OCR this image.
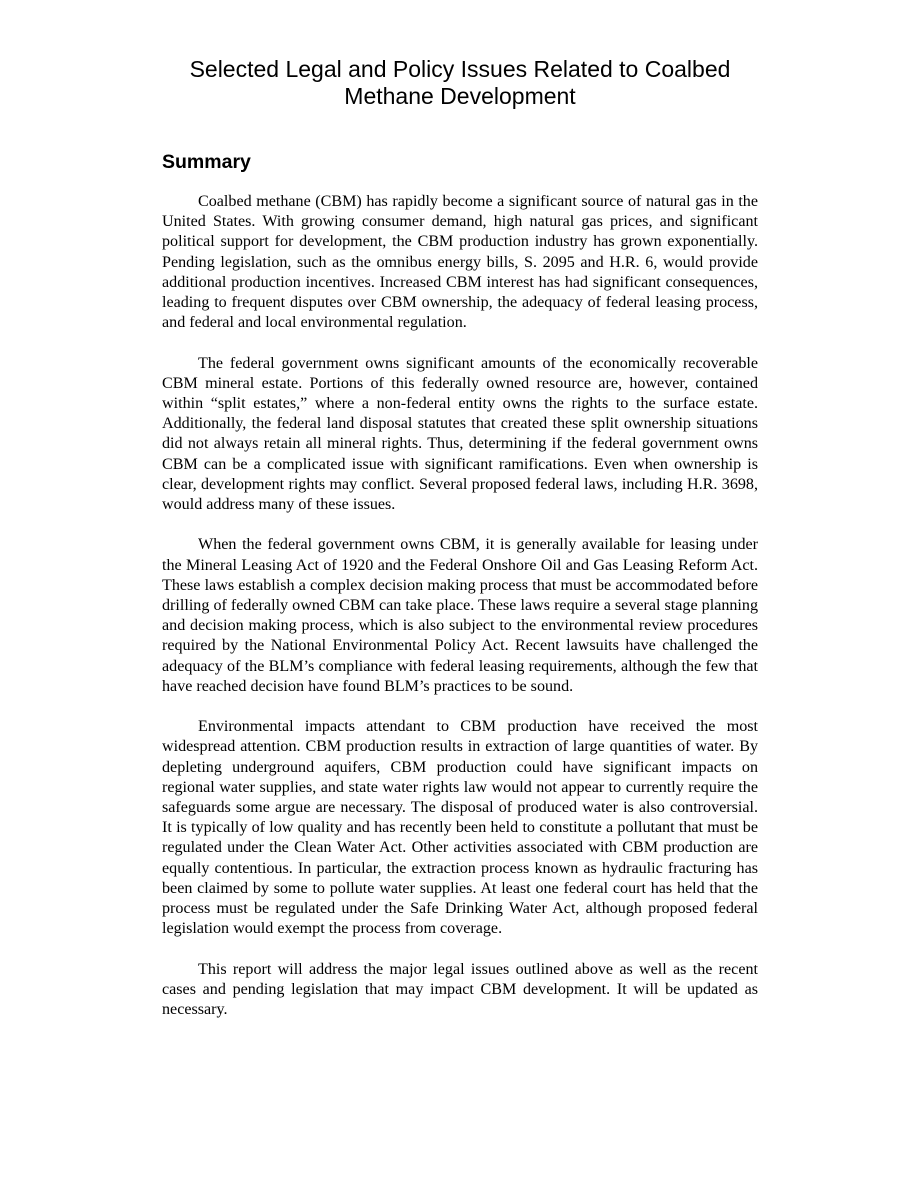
Selected Legal and Policy Issues Related to Coalbed
Methane Development
Summary

Coalbed methane (CBM) has rapidly become a significant source of natural gas in the United States. With growing consumer demand, high natural gas prices, and significant political support for development, the CBM production industry has grown exponentially. Pending legislation, such as the omnibus energy bills, S. 2095 and H.R. 6, would provide additional production incentives. Increased CBM interest has had significant consequences, leading to frequent disputes over CBM ownership, the adequacy of federal leasing process, and federal and local environmental regulation.

The federal government owns significant amounts of the economically recoverable CBM mineral estate. Portions of this federally owned resource are, however, contained within “split estates,” where a non-federal entity owns the rights to the surface estate. Additionally, the federal land disposal statutes that created these split ownership situations did not always retain all mineral rights. Thus, determining if the federal government owns CBM can be a complicated issue with significant ramifications. Even when ownership is clear, development rights may conflict. Several proposed federal laws, including H.R. 3698, would address many of these issues.

When the federal government owns CBM, it is generally available for leasing under the Mineral Leasing Act of 1920 and the Federal Onshore Oil and Gas Leasing Reform Act. These laws establish a complex decision making process that must be accommodated before drilling of federally owned CBM can take place. These laws require a several stage planning and decision making process, which is also subject to the environmental review procedures required by the National Environmental Policy Act. Recent lawsuits have challenged the adequacy of the BLM’s compliance with federal leasing requirements, although the few that have reached decision have found BLM’s practices to be sound.

Environmental impacts attendant to CBM production have received the most widespread attention. CBM production results in extraction of large quantities of water. By depleting underground aquifers, CBM production could have significant impacts on regional water supplies, and state water rights law would not appear to currently require the safeguards some argue are necessary. The disposal of produced water is also controversial. It is typically of low quality and has recently been held to constitute a pollutant that must be regulated under the Clean Water Act. Other activities associated with CBM production are equally contentious. In particular, the extraction process known as hydraulic fracturing has been claimed by some to pollute water supplies. At least one federal court has held that the process must be regulated under the Safe Drinking Water Act, although proposed federal legislation would exempt the process from coverage.

This report will address the major legal issues outlined above as well as the recent cases and pending legislation that may impact CBM development. It will be updated as necessary.
